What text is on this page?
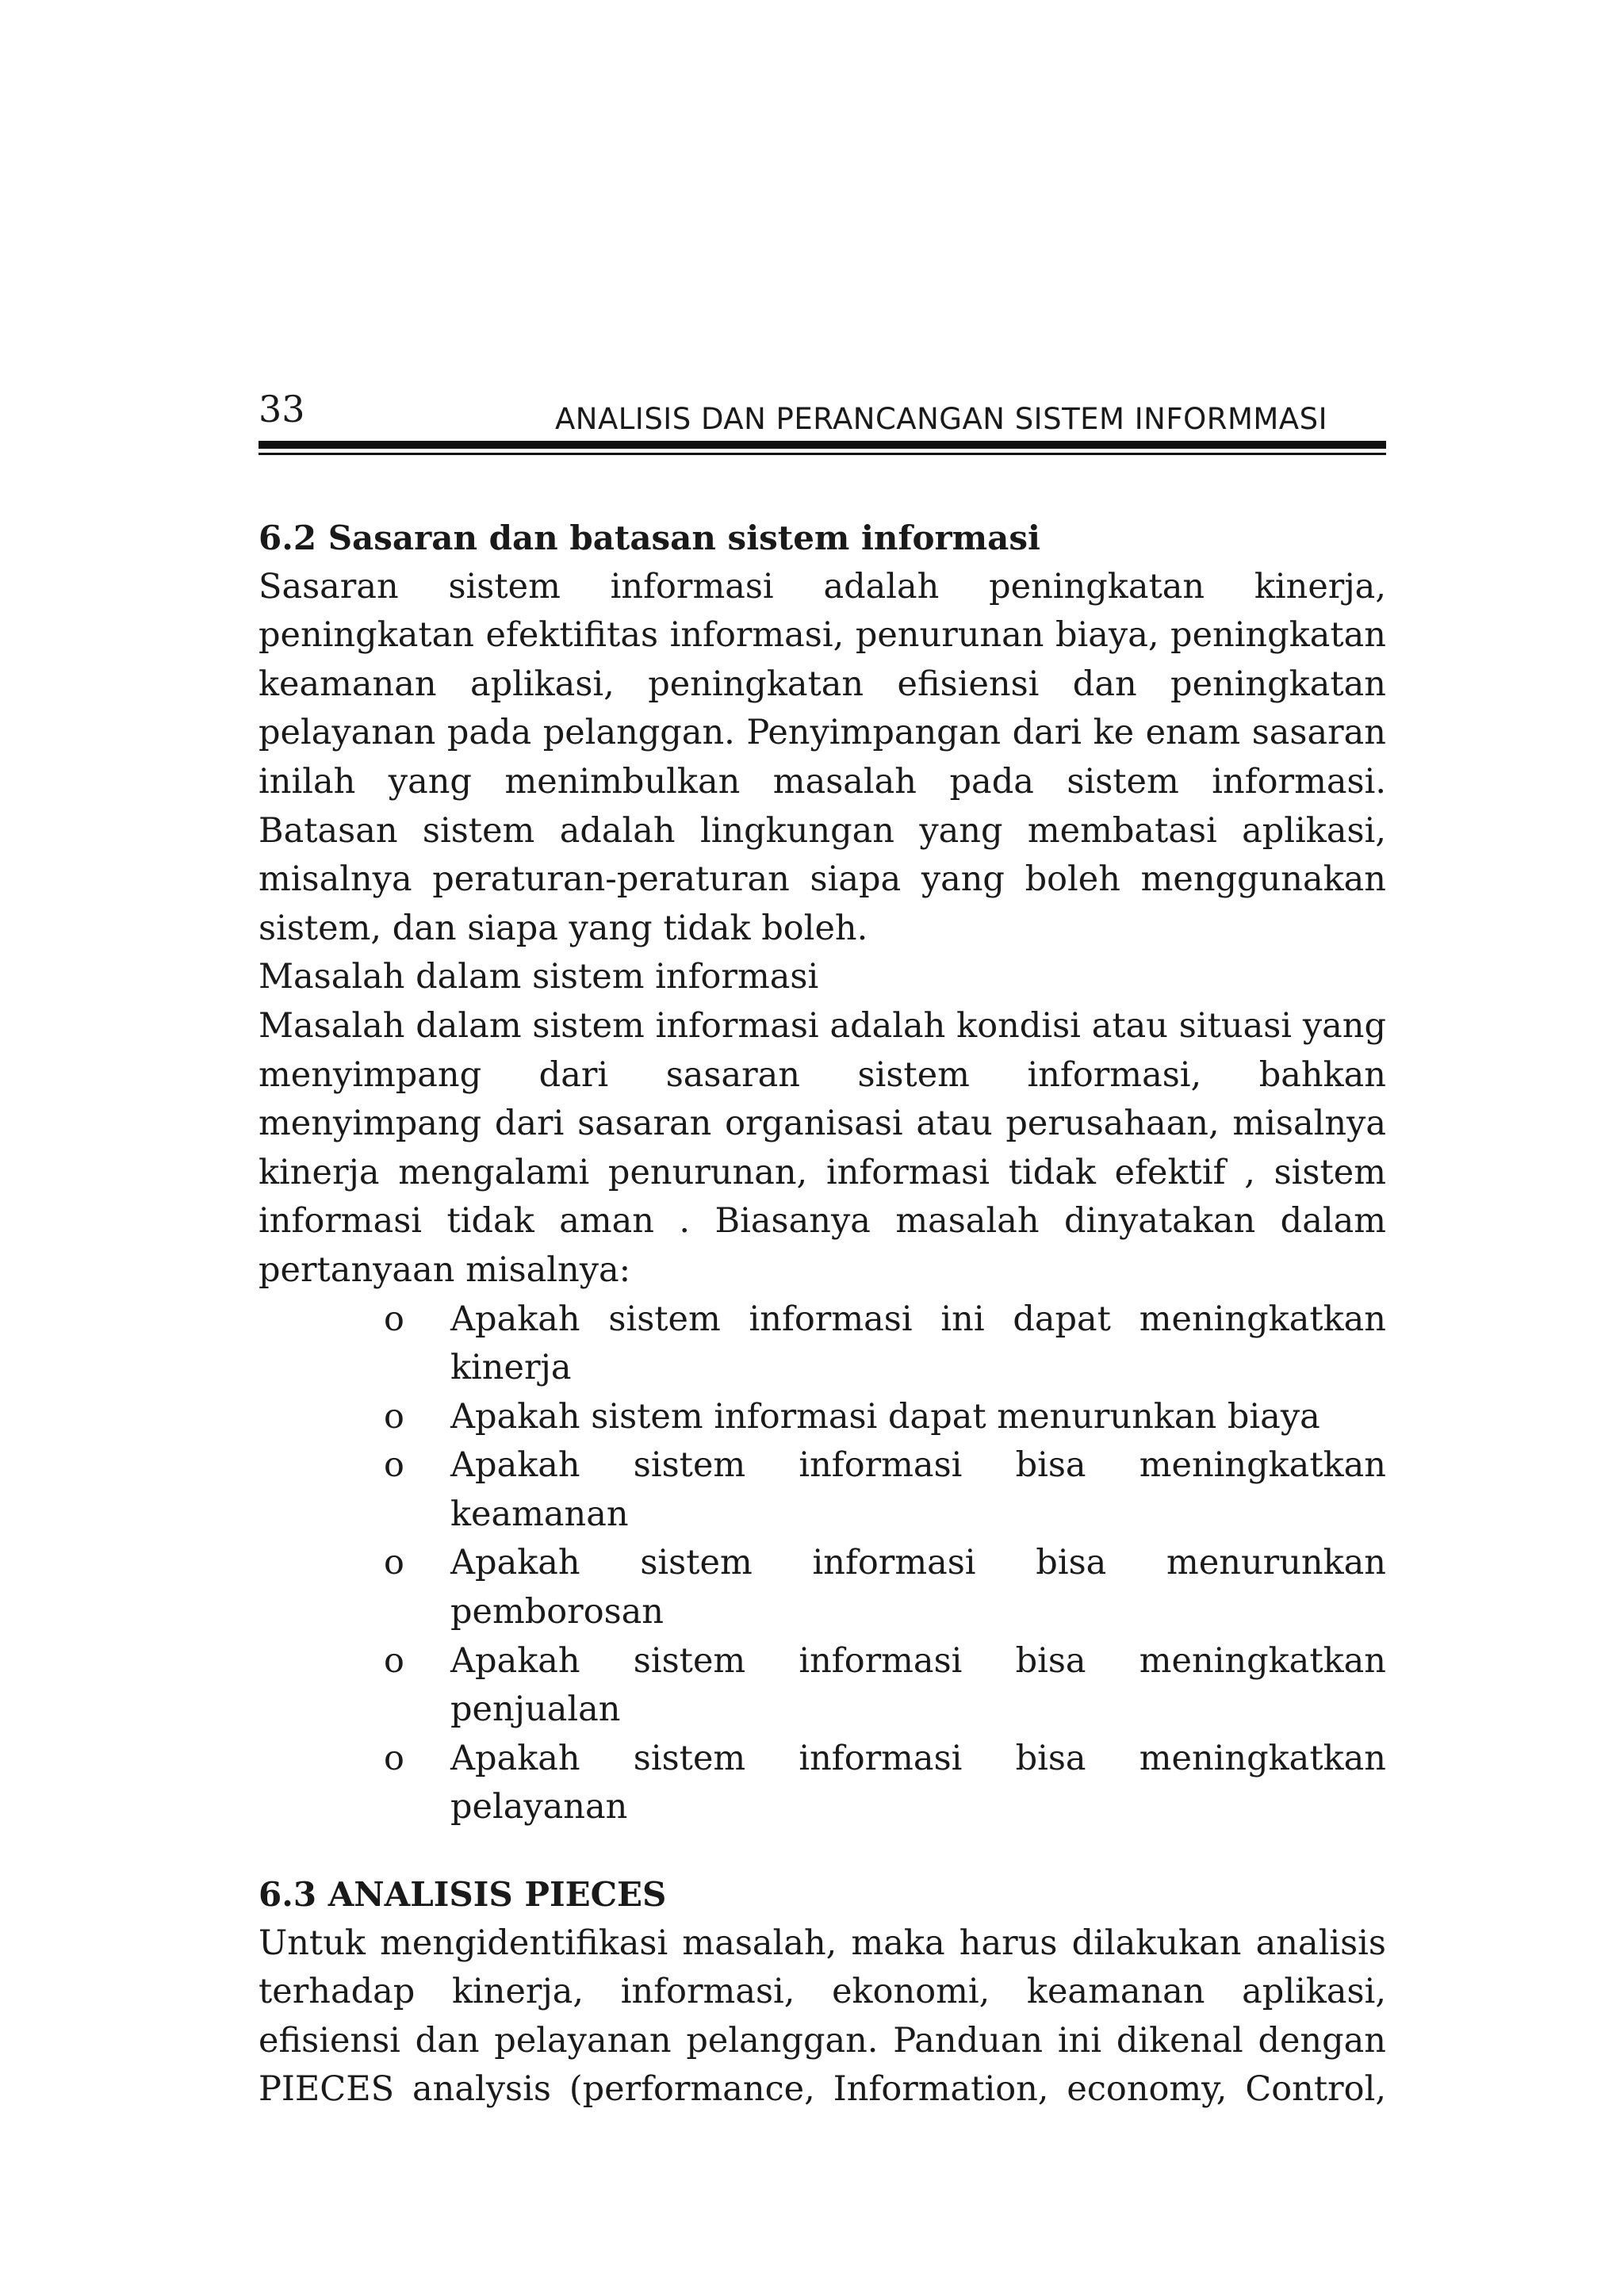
33	ANALISIS DAN PERANCANGAN SISTEM INFORMMASI

6.2 Sasaran dan batasan sistem informasi

Sasaran sistem informasi adalah peningkatan kinerja, peningkatan efektifitas informasi, penurunan biaya, peningkatan keamanan aplikasi, peningkatan efisiensi dan peningkatan pelayanan pada pelanggan. Penyimpangan dari ke enam sasaran inilah yang menimbulkan masalah pada sistem informasi. Batasan sistem adalah lingkungan yang membatasi aplikasi, misalnya peraturan-peraturan siapa yang boleh menggunakan sistem, dan siapa yang tidak boleh.

Masalah dalam sistem informasi

Masalah dalam sistem informasi adalah kondisi atau situasi yang menyimpang dari sasaran sistem informasi, bahkan menyimpang dari sasaran organisasi atau perusahaan, misalnya kinerja mengalami penurunan, informasi tidak efektif , sistem informasi tidak aman . Biasanya masalah dinyatakan dalam pertanyaan misalnya:

o Apakah sistem informasi ini dapat meningkatkan
kinerja
o Apakah sistem informasi dapat menurunkan biaya
o Apakah sistem informasi bisa meningkatkan
keamanan
o Apakah sistem informasi bisa menurunkan
pemborosan
o Apakah sistem informasi bisa meningkatkan
penjualan
o Apakah sistem informasi bisa meningkatkan
pelayanan

6.3 ANALISIS PIECES

Untuk mengidentifikasi masalah, maka harus dilakukan analisis terhadap kinerja, informasi, ekonomi, keamanan aplikasi, efisiensi dan pelayanan pelanggan. Panduan ini dikenal dengan PIECES analysis (performance, Information, economy, Control,
